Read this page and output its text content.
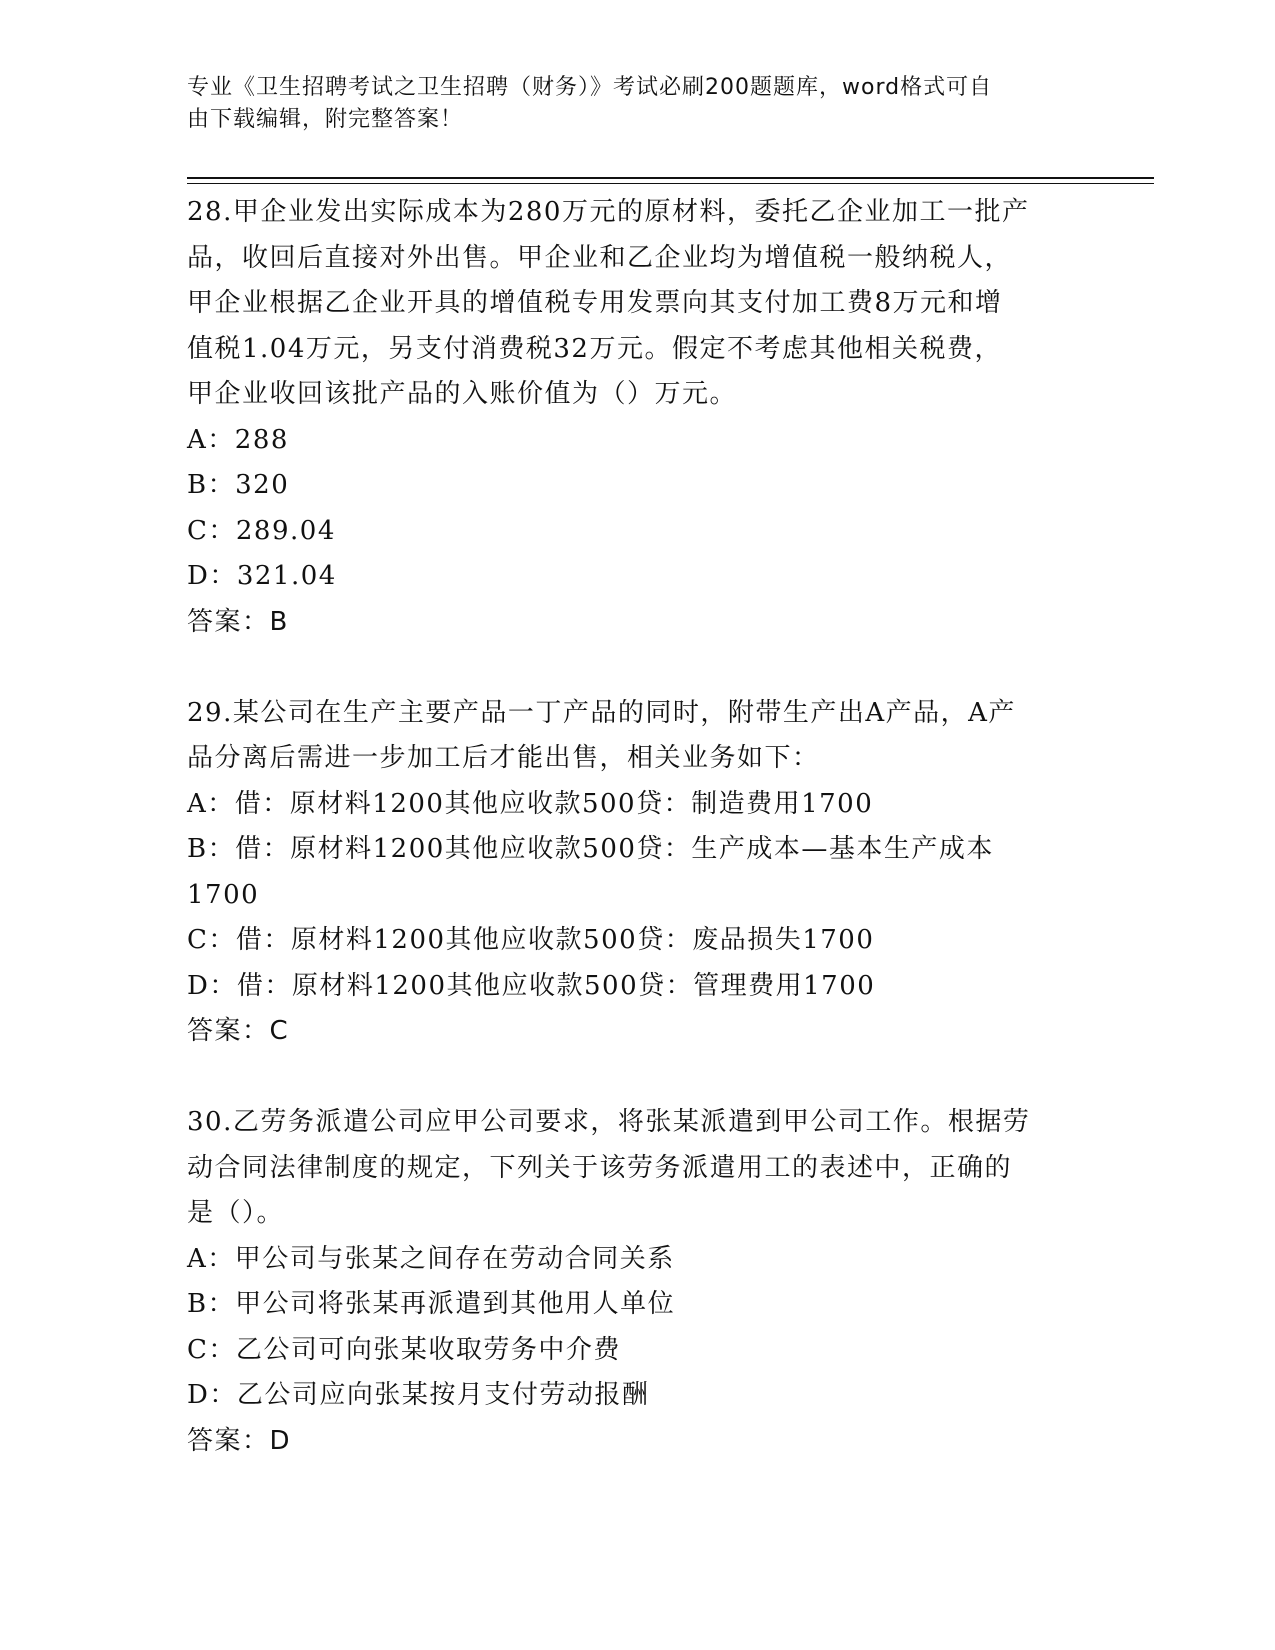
专业《卫生招聘考试之卫生招聘（财务）》考试必刷200题题库，word格式可自
由下载编辑，附完整答案！
28.甲企业发出实际成本为280万元的原材料，委托乙企业加工一批产
品，收回后直接对外出售。甲企业和乙企业均为增值税一般纳税人，
甲企业根据乙企业开具的增值税专用发票向其支付加工费8万元和增
值税1.04万元，另支付消费税32万元。假定不考虑其他相关税费，
甲企业收回该批产品的入账价值为（）万元。
A：288
B：320
C：289.04
D：321.04
答案：B
29.某公司在生产主要产品一丁产品的同时，附带生产出A产品，A产
品分离后需进一步加工后才能出售，相关业务如下：
A：借：原材料1200其他应收款500贷：制造费用1700
B：借：原材料1200其他应收款500贷：生产成本—基本生产成本
1700
C：借：原材料1200其他应收款500贷：废品损失1700
D：借：原材料1200其他应收款500贷：管理费用1700
答案：C
30.乙劳务派遣公司应甲公司要求，将张某派遣到甲公司工作。根据劳
动合同法律制度的规定，下列关于该劳务派遣用工的表述中，正确的
是（）。
A：甲公司与张某之间存在劳动合同关系
B：甲公司将张某再派遣到其他用人单位
C：乙公司可向张某收取劳务中介费
D：乙公司应向张某按月支付劳动报酬
答案：D
